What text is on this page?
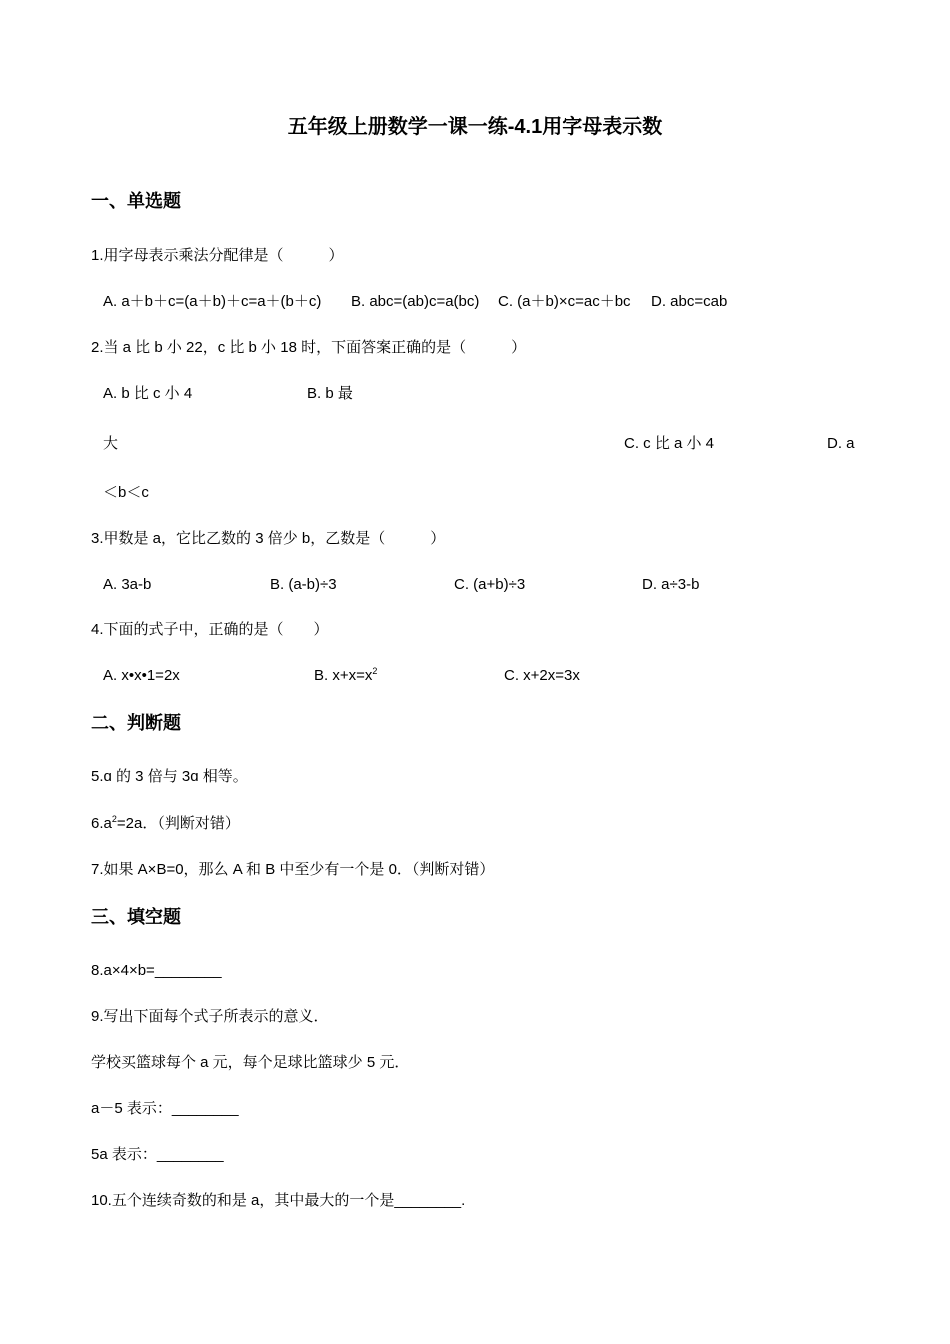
五年级上册数学一课一练-4.1用字母表示数
一、单选题
1.用字母表示乘法分配律是（　　　）
A. a＋b＋c=(a＋b)＋c=a＋(b＋c) B. abc=(ab)c=a(bc) C. (a＋b)×c=ac＋bc D. abc=cab
2.当 a 比 b 小 22，c 比 b 小 18 时，下面答案正确的是（　　　）
A. b 比 c 小 4	B. b 最
大	C. c 比 a 小 4	D. a
＜b＜c
3.甲数是 a，它比乙数的 3 倍少 b，乙数是（　　　）
A. 3a-b	B. (a-b)÷3	C. (a+b)÷3	D. a÷3-b
4.下面的式子中，正确的是（　　）
A. x•x•1=2x	B. $x+x=x^2$	C. x+2x=3x
二、判断题
5.ɑ 的 3 倍与 3ɑ 相等。
$6.a^2=2a$．（判断对错）
7.如果 A×B=0，那么 A 和 B 中至少有一个是 0．（判断对错）
三、填空题
8.a×4×b=________
9.写出下面每个式子所表示的意义．
学校买篮球每个 a 元，每个足球比篮球少 5 元．
a－5 表示：________
5a 表示：________
10.五个连续奇数的和是 a，其中最大的一个是________.
